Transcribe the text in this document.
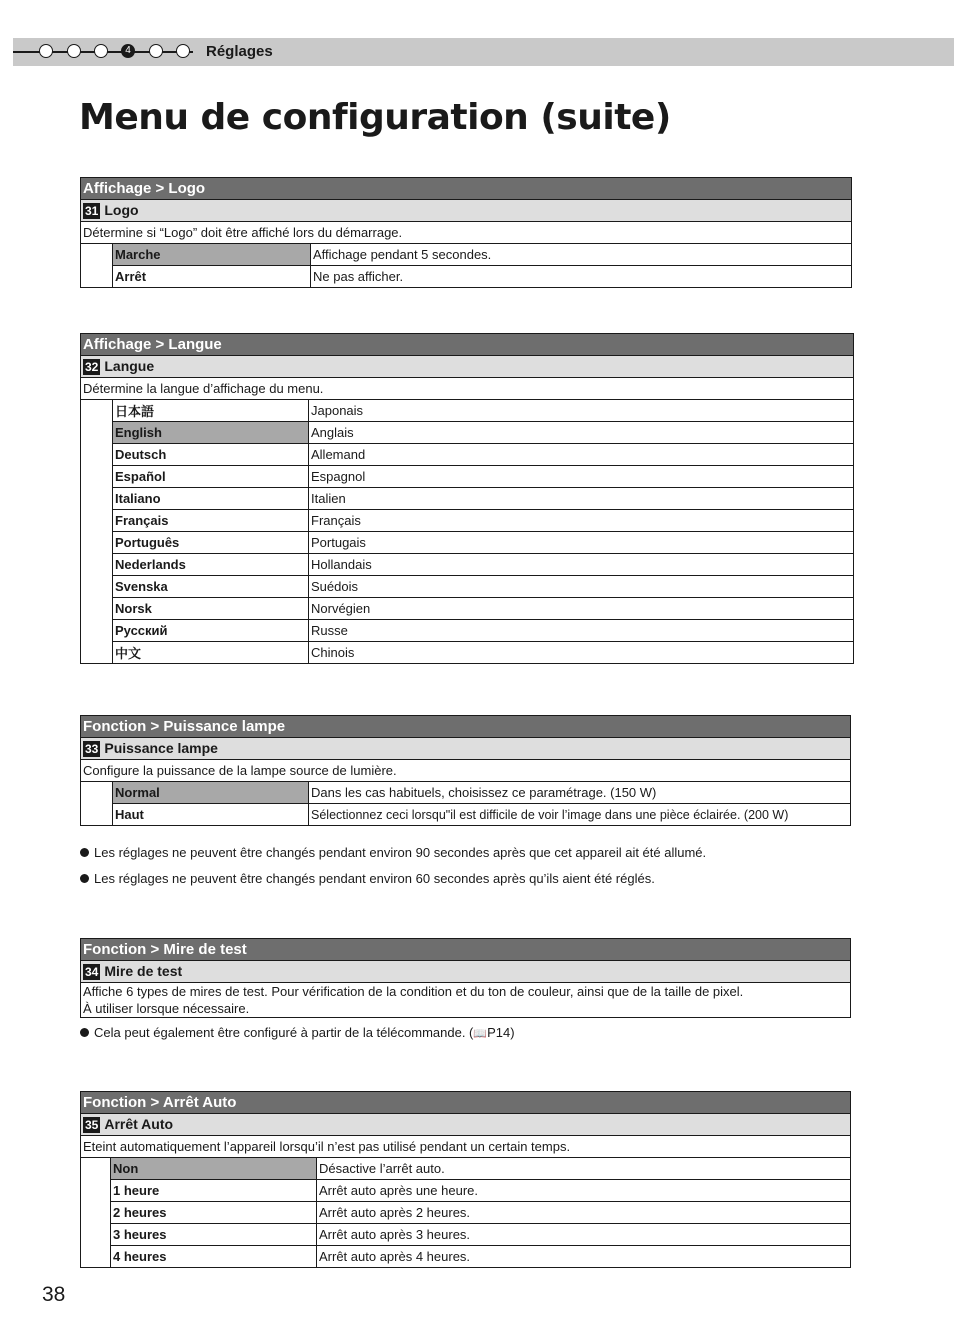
4	Réglages
Menu de configuration (suite)
Affichage > Logo		
31 Logo		
Détermine si “Logo” doit être affiché lors du démarrage.		
	Marche	Affichage pendant 5 secondes.
	Arrêt	Ne pas afficher.
Affichage > Langue		
32 Langue		
Détermine la langue d’affichage du menu.		
	日本語	Japonais
	English	Anglais
	Deutsch	Allemand
	Español	Espagnol
	Italiano	Italien
	Français	Français
	Português	Portugais
	Nederlands	Hollandais
	Svenska	Suédois
	Norsk	Norvégien
	Русский	Russe
	中文	Chinois
Fonction > Puissance lampe		
33 Puissance lampe		
Configure la puissance de la lampe source de lumière.		
	Normal	Dans les cas habituels, choisissez ce paramétrage. (150 W)
	Haut	Sélectionnez ceci lorsqu"il est difficile de voir l’image dans une pièce éclairée. (200 W)
Les réglages ne peuvent être changés pendant environ 90 secondes après que cet appareil ait été allumé.
Les réglages ne peuvent être changés pendant environ 60 secondes après qu’ils aient été réglés.
Fonction > Mire de test
34 Mire de test
Affiche 6 types de mires de test. Pour vérification de la condition et du ton de couleur, ainsi que de la taille de pixel.
À utiliser lorsque nécessaire.
Cela peut également être configuré à partir de la télécommande. (📖P14)
Fonction > Arrêt Auto		
35 Arrêt Auto		
Eteint automatiquement l’appareil lorsqu’il n’est pas utilisé pendant un certain temps.		
	Non	Désactive l’arrêt auto.
	1 heure	Arrêt auto après une heure.
	2 heures	Arrêt auto après 2 heures.
	3 heures	Arrêt auto après 3 heures.
	4 heures	Arrêt auto après 4 heures.
38
